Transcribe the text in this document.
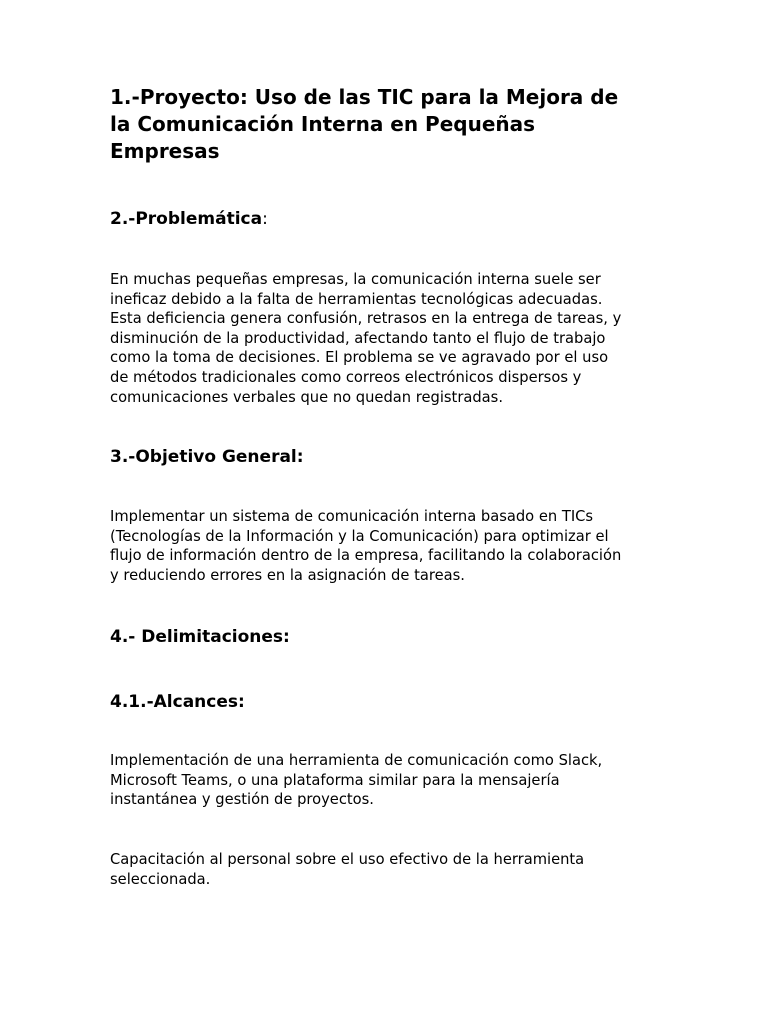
1.-Proyecto: Uso de las TIC para la Mejora de
la Comunicación Interna en Pequeñas
Empresas
2.-Problemática:

En muchas pequeñas empresas, la comunicación interna suele ser
ineficaz debido a la falta de herramientas tecnológicas adecuadas.
Esta deficiencia genera confusión, retrasos en la entrega de tareas, y
disminución de la productividad, afectando tanto el flujo de trabajo
como la toma de decisiones. El problema se ve agravado por el uso
de métodos tradicionales como correos electrónicos dispersos y
comunicaciones verbales que no quedan registradas.

3.-Objetivo General:

Implementar un sistema de comunicación interna basado en TICs
(Tecnologías de la Información y la Comunicación) para optimizar el
flujo de información dentro de la empresa, facilitando la colaboración
y reduciendo errores en la asignación de tareas.

4.- Delimitaciones:
4.1.-Alcances:

Implementación de una herramienta de comunicación como Slack,
Microsoft Teams, o una plataforma similar para la mensajería
instantánea y gestión de proyectos.

Capacitación al personal sobre el uso efectivo de la herramienta
seleccionada.
